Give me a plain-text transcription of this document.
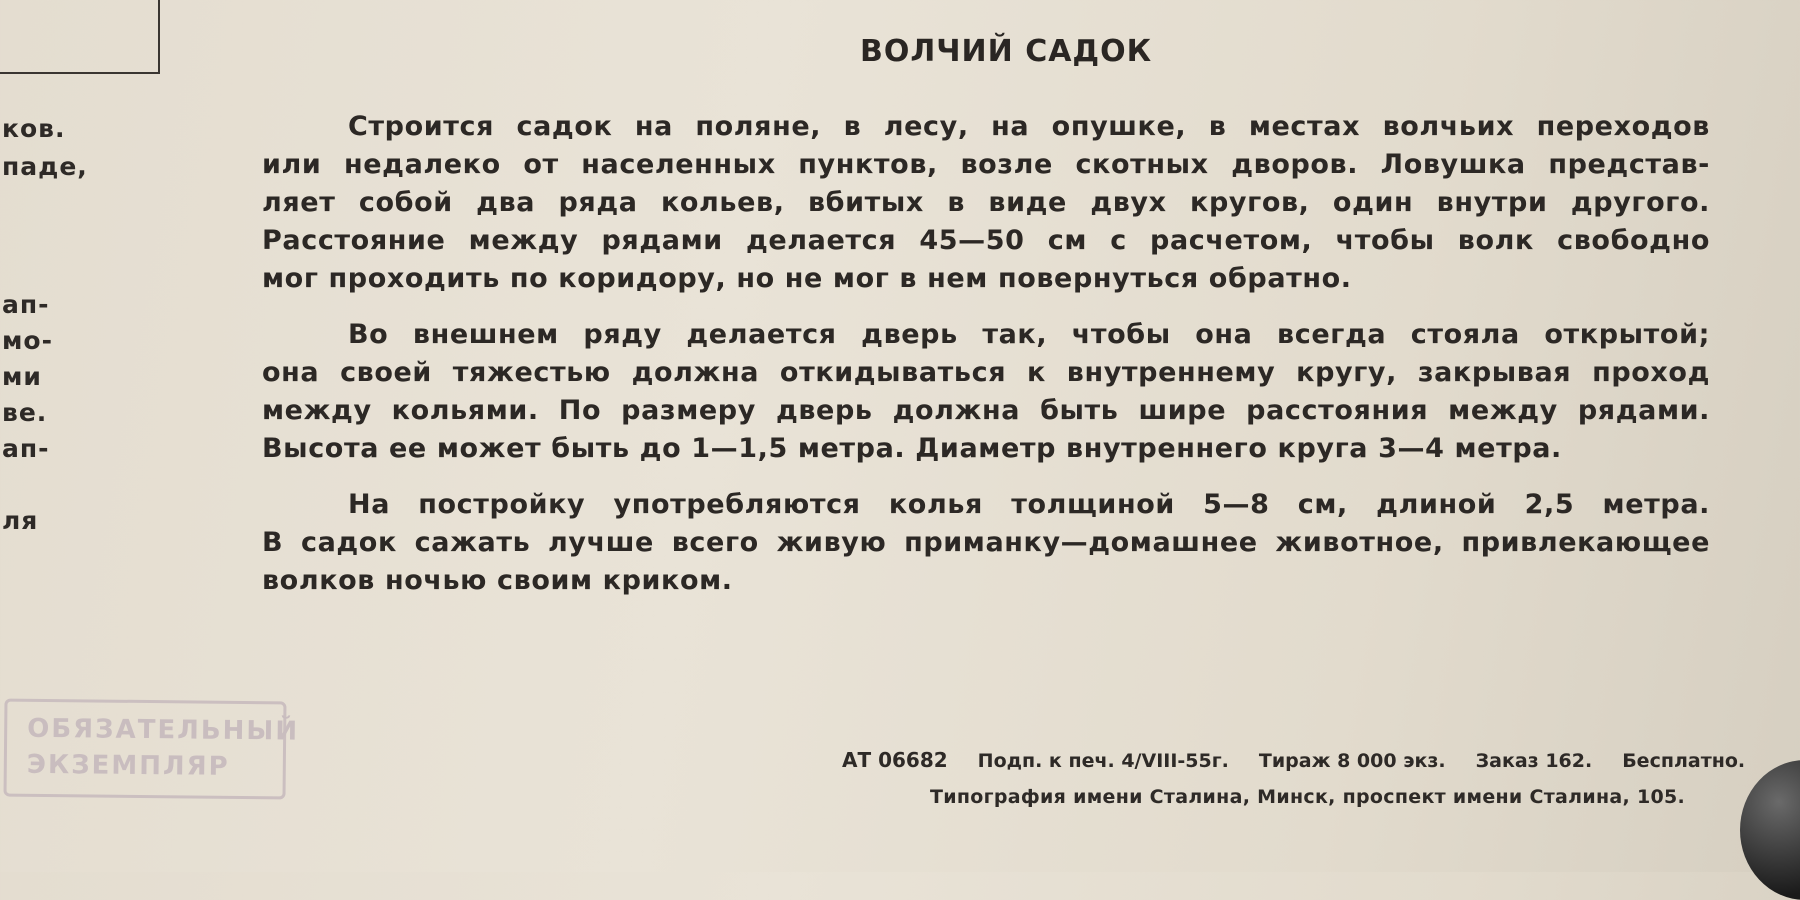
ков.
паде,
ап-
мо-
ми
ве.
ап-
ля
ВОЛЧИЙ САДОК
Строится садок на поляне, в лесу, на опушке, в местах волчьих переходов
или недалеко от населенных пунктов, возле скотных дворов. Ловушка представ-
ляет собой два ряда кольев, вбитых в виде двух кругов, один внутри другого.
Расстояние между рядами делается 45—50 см с расчетом, чтобы волк свободно
мог проходить по коридору, но не мог в нем повернуться обратно.
Во внешнем ряду делается дверь так, чтобы она всегда стояла открытой;
она своей тяжестью должна откидываться к внутреннему кругу, закрывая проход
между кольями. По размеру дверь должна быть шире расстояния между рядами.
Высота ее может быть до 1—1,5 метра. Диаметр внутреннего круга 3—4 метра.
На постройку употребляются колья толщиной 5—8 см, длиной 2,5 метра.
В садок сажать лучше всего живую приманку—домашнее животное, привлекающее
волков ночью своим криком.
ОБЯЗАТЕЛЬНЫЙ
ЭКЗЕМПЛЯР	АТ 06682 Подп. к печ. 4/VIII-55г. Тираж 8 000 экз. Заказ 162. Бесплатно.
Типография имени Сталина, Минск, проспект имени Сталина, 105.
